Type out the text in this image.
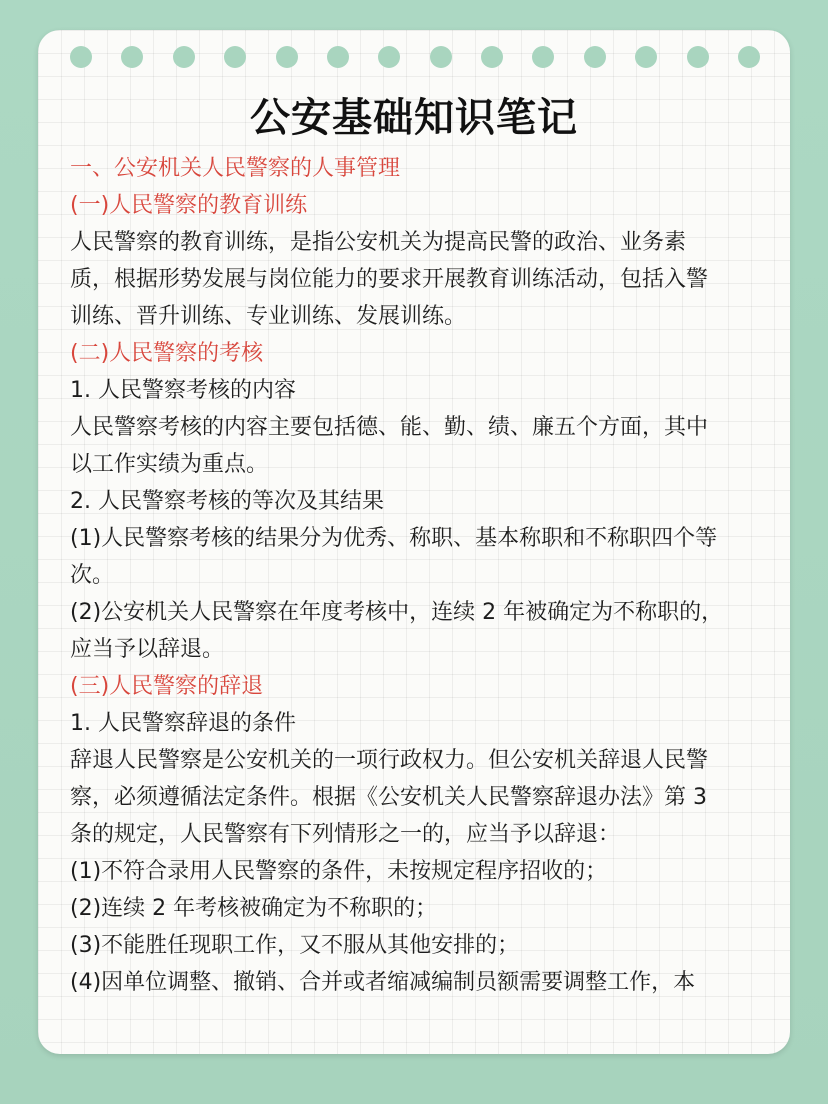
公安基础知识笔记
一、公安机关人民警察的人事管理
(一)人民警察的教育训练
人民警察的教育训练，是指公安机关为提高民警的政治、业务素
质，根据形势发展与岗位能力的要求开展教育训练活动，包括入警
训练、晋升训练、专业训练、发展训练。
(二)人民警察的考核
1. 人民警察考核的内容
人民警察考核的内容主要包括德、能、勤、绩、廉五个方面，其中
以工作实绩为重点。
2. 人民警察考核的等次及其结果
(1)人民警察考核的结果分为优秀、称职、基本称职和不称职四个等
次。
(2)公安机关人民警察在年度考核中，连续 2 年被确定为不称职的，
应当予以辞退。
(三)人民警察的辞退
1. 人民警察辞退的条件
辞退人民警察是公安机关的一项行政权力。但公安机关辞退人民警
察，必须遵循法定条件。根据《公安机关人民警察辞退办法》第 3
条的规定，人民警察有下列情形之一的，应当予以辞退：
(1)不符合录用人民警察的条件，未按规定程序招收的；
(2)连续 2 年考核被确定为不称职的；
(3)不能胜任现职工作，又不服从其他安排的；
(4)因单位调整、撤销、合并或者缩减编制员额需要调整工作，本
